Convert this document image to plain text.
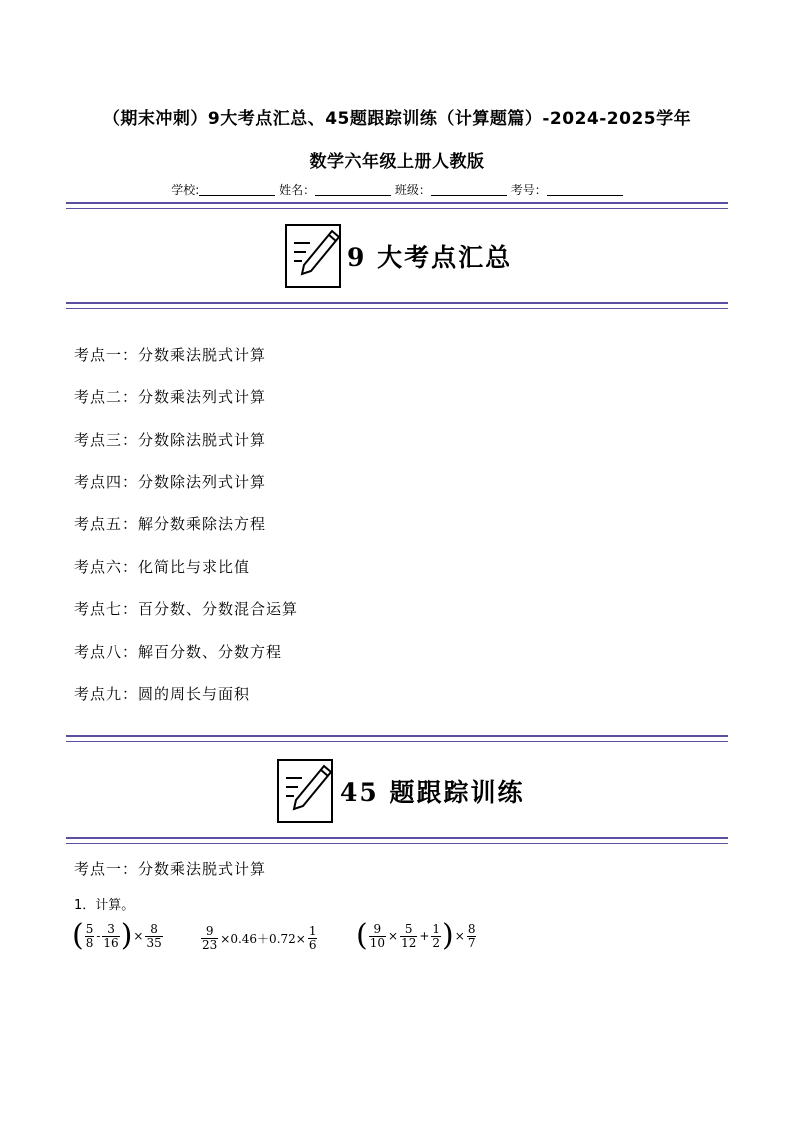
（期末冲刺）9大考点汇总、45题跟踪训练（计算题篇）-2024-2025学年
数学六年级上册人教版
学校:	姓名：	班级：	考号：
9 大考点汇总
考点一：分数乘法脱式计算
考点二：分数乘法列式计算
考点三：分数除法脱式计算
考点四：分数除法列式计算
考点五：解分数乘除法方程
考点六：化简比与求比值
考点七：百分数、分数混合运算
考点八：解百分数、分数方程
考点九：圆的周长与面积
45 题跟踪训练
考点一：分数乘法脱式计算
1．计算。
( $\frac{5}{8} - \frac{3}{16}$ )× $\frac{8}{35}$	$\frac{9}{23} \times 0.46+0.72\times \frac{1}{6}$ ( $\frac{9}{10} \times \frac{5}{12} + \frac{1}{2}$ )× $\frac{8}{7}$
